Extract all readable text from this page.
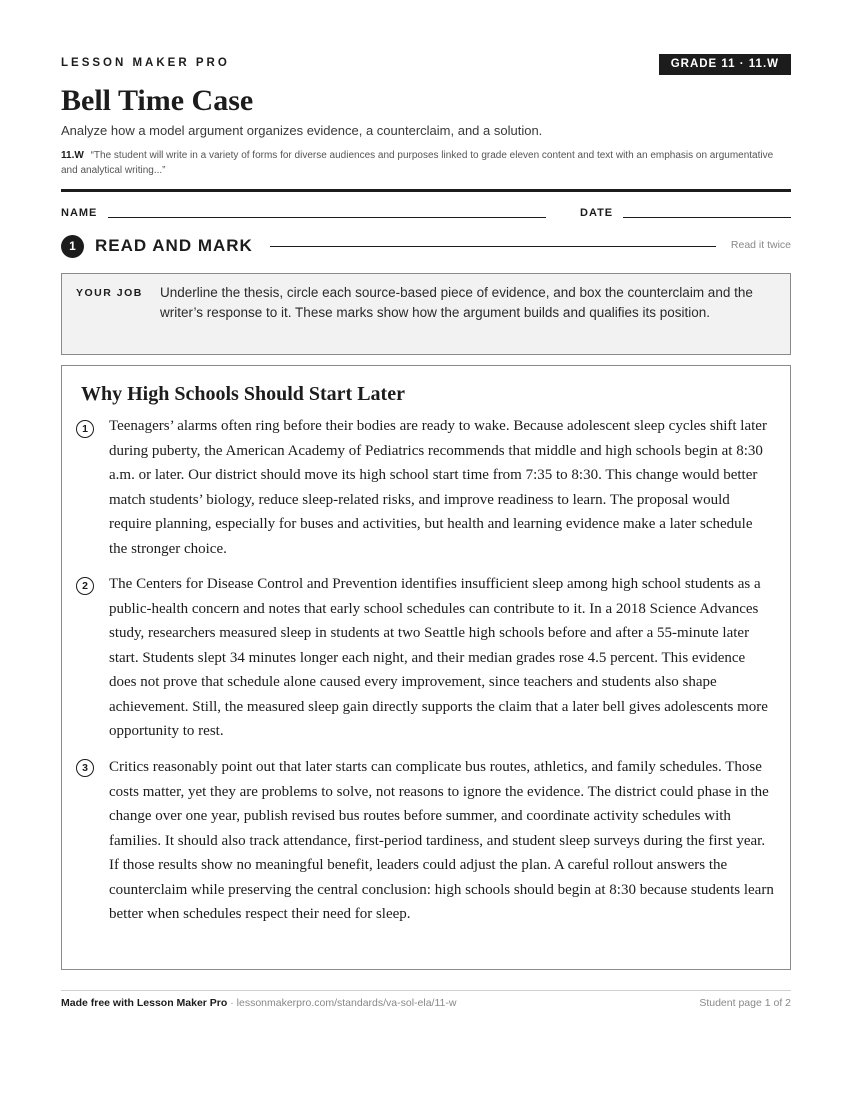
LESSON MAKER PRO	GRADE 11 · 11.W
Bell Time Case
Analyze how a model argument organizes evidence, a counterclaim, and a solution.
11.W “The student will write in a variety of forms for diverse audiences and purposes linked to grade eleven content and text with an emphasis on argumentative and analytical writing...”
NAME	DATE
1	READ AND MARK	Read it twice
YOUR JOB Underline the thesis, circle each source-based piece of evidence, and box the counterclaim and the writer’s response to it. These marks show how the argument builds and qualifies its position.
Why High Schools Should Start Later
1	Teenagers’ alarms often ring before their bodies are ready to wake. Because adolescent sleep cycles shift later during puberty, the American Academy of Pediatrics recommends that middle and high schools begin at 8:30 a.m. or later. Our district should move its high school start time from 7:35 to 8:30. This change would better match students’ biology, reduce sleep-related risks, and improve readiness to learn. The proposal would require planning, especially for buses and activities, but health and learning evidence make a later schedule the stronger choice.
2	The Centers for Disease Control and Prevention identifies insufficient sleep among high school students as a public-health concern and notes that early school schedules can contribute to it. In a 2018 Science Advances study, researchers measured sleep in students at two Seattle high schools before and after a 55-minute later start. Students slept 34 minutes longer each night, and their median grades rose 4.5 percent. This evidence does not prove that schedule alone caused every improvement, since teachers and students also shape achievement. Still, the measured sleep gain directly supports the claim that a later bell gives adolescents more opportunity to rest.
3	Critics reasonably point out that later starts can complicate bus routes, athletics, and family schedules. Those costs matter, yet they are problems to solve, not reasons to ignore the evidence. The district could phase in the change over one year, publish revised bus routes before summer, and coordinate activity schedules with families. It should also track attendance, first-period tardiness, and student sleep surveys during the first year. If those results show no meaningful benefit, leaders could adjust the plan. A careful rollout answers the counterclaim while preserving the central conclusion: high schools should begin at 8:30 because students learn better when schedules respect their need for sleep.
Made free with Lesson Maker Pro · lessonmakerpro.com/standards/va-sol-ela/11-w	Student page 1 of 2
